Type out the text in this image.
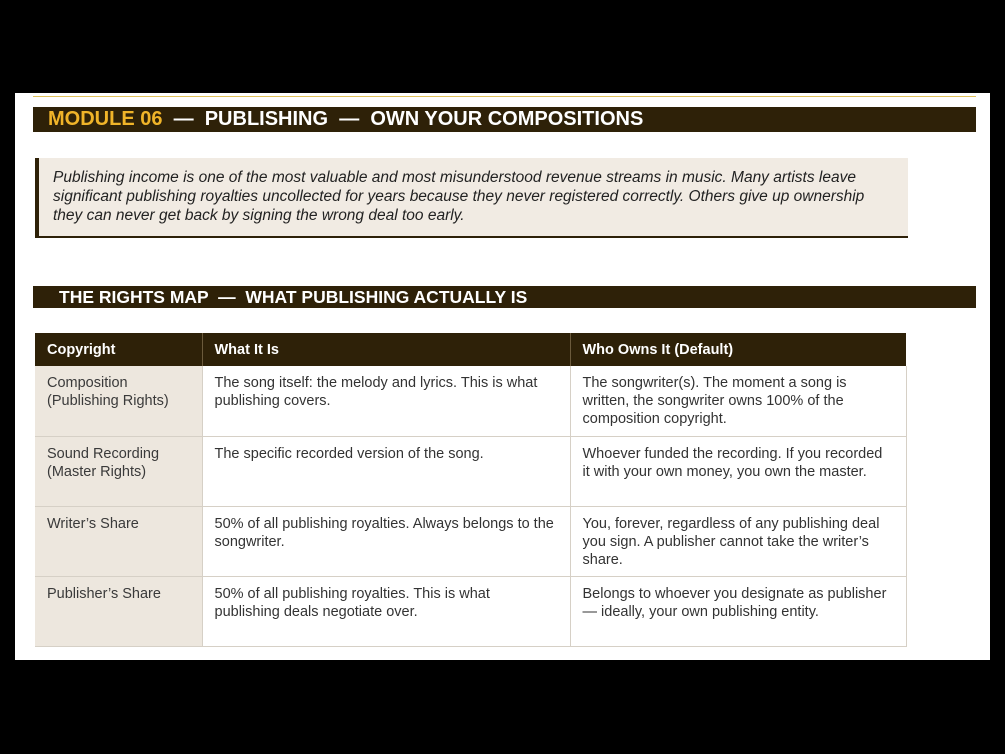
MODULE 06 — PUBLISHING — OWN YOUR COMPOSITIONS
Publishing income is one of the most valuable and most misunderstood revenue streams in music. Many artists leave significant publishing royalties uncollected for years because they never registered correctly. Others give up ownership they can never get back by signing the wrong deal too early.
THE RIGHTS MAP  —  WHAT PUBLISHING ACTUALLY IS
Copyright	What It Is	Who Owns It (Default)
Composition (Publishing Rights)	The song itself: the melody and lyrics. This is what publishing covers.	The songwriter(s). The moment a song is written, the songwriter owns 100% of the composition copyright.
Sound Recording (Master Rights)	The specific recorded version of the song.	Whoever funded the recording. If you recorded it with your own money, you own the master.
Writer’s Share	50% of all publishing royalties. Always belongs to the songwriter.	You, forever, regardless of any publishing deal you sign. A publisher cannot take the writer’s share.
Publisher’s Share	50% of all publishing royalties. This is what publishing deals negotiate over.	Belongs to whoever you designate as publisher — ideally, your own publishing entity.
